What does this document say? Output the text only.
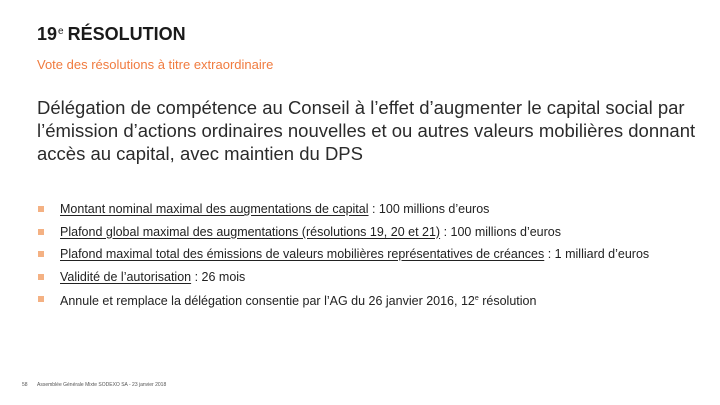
19e RÉSOLUTION
Vote des résolutions à titre extraordinaire
Délégation de compétence au Conseil à l’effet d’augmenter le capital social par l’émission d’actions ordinaires nouvelles et ou autres valeurs mobilières donnant accès au capital, avec maintien du DPS
Montant nominal maximal des augmentations de capital : 100 millions d’euros
Plafond global maximal des augmentations (résolutions 19, 20 et 21) : 100 millions d’euros
Plafond maximal total des émissions de valeurs mobilières représentatives de créances : 1 milliard d’euros
Validité de l’autorisation : 26 mois
Annule et remplace la délégation consentie par l’AG du 26 janvier 2016, 12e résolution
58 Assemblée Générale Mixte SODEXO SA - 23 janvier 2018
